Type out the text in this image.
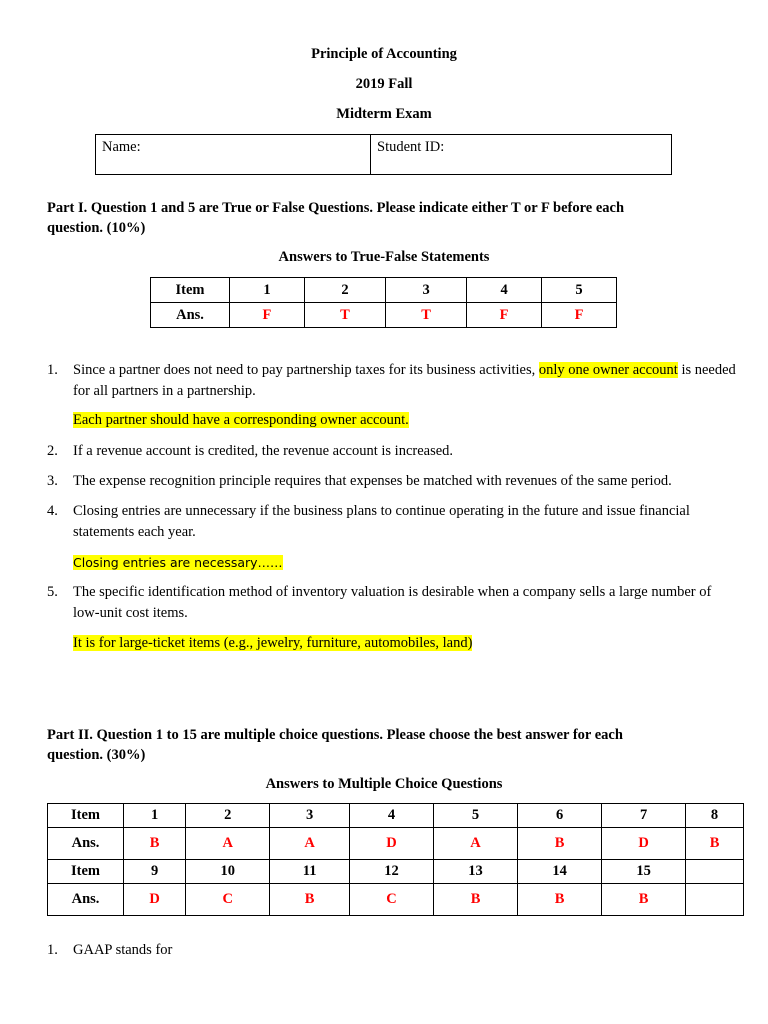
Principle of Accounting
2019 Fall
Midterm Exam
Name:	Student ID:
Part I. Question 1 and 5 are True or False Questions. Please indicate either T or F before each
question. (10%)
Answers to True-False Statements
Item	1	2	3	4	5
Ans.	F	T	T	F	F
1.	Since a partner does not need to pay partnership taxes for its business activities, only one owner account is needed for all partners in a partnership.
Each partner should have a corresponding owner account.
2.	If a revenue account is credited, the revenue account is increased.
3.	The expense recognition principle requires that expenses be matched with revenues of the same period.
4.	Closing entries are unnecessary if the business plans to continue operating in the future and issue financial statements each year.
Closing entries are necessary……
5.	The specific identification method of inventory valuation is desirable when a company sells a large number of low-unit cost items.
It is for large-ticket items (e.g., jewelry, furniture, automobiles, land)
Part II. Question 1 to 15 are multiple choice questions. Please choose the best answer for each
question. (30%)
Answers to Multiple Choice Questions
Item	1	2	3	4	5	6	7	8
Ans.	B	A	A	D	A	B	D	B
Item	9	10	11	12	13	14	15	
Ans.	D	C	B	C	B	B	B	
1.	GAAP stands for
